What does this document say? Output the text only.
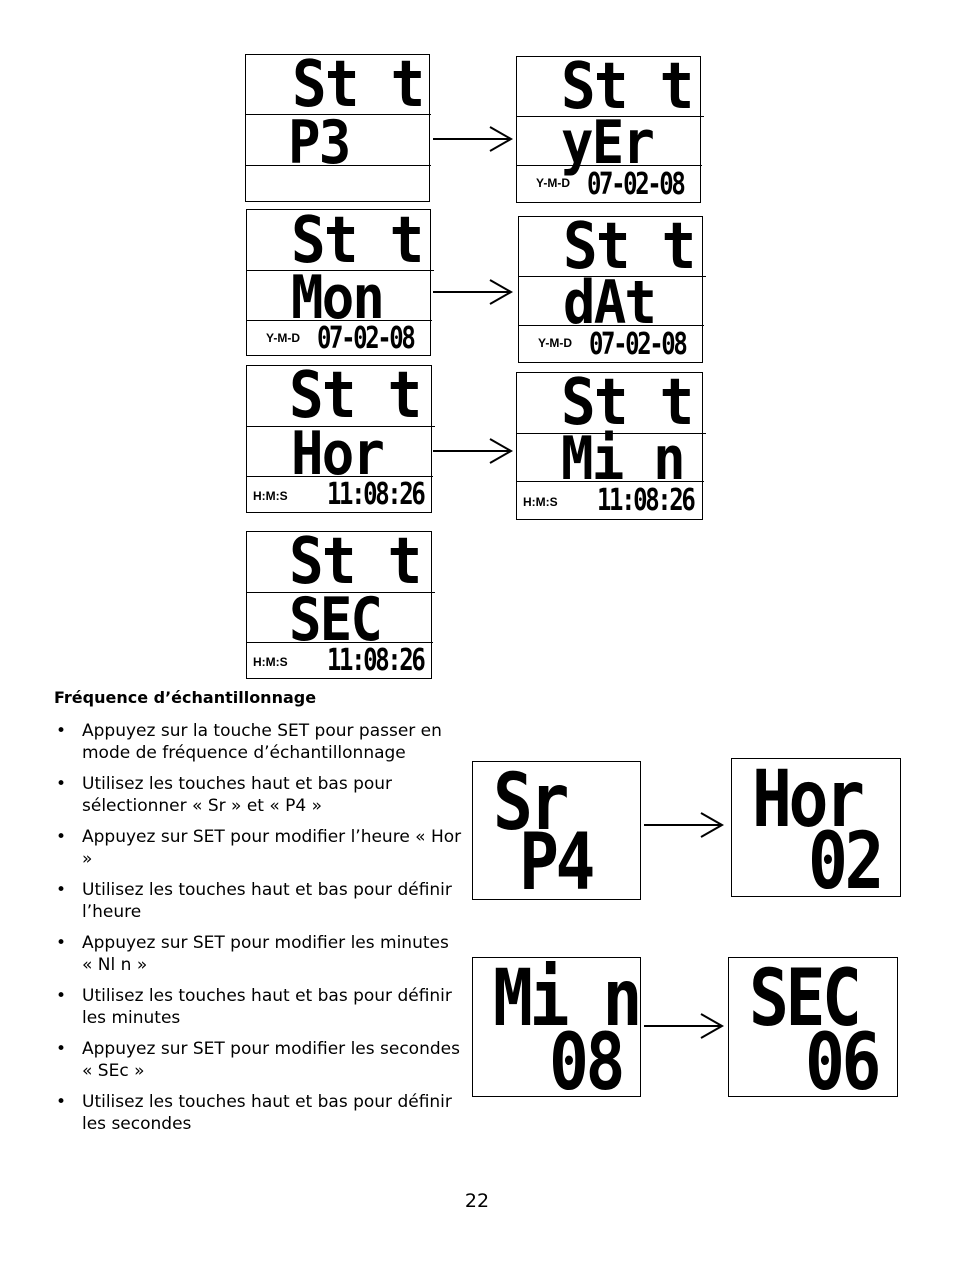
St t
P3
St t
yEr
Y-M-D 07-02-08
St t
Mon
Y-M-D 07-02-08
St t
dAt
Y-M-D 07-02-08
St t
Hor
H:M:S 11:08:26
St t
Mi n
H:M:S 11:08:26
St t
SEC
H:M:S 11:08:26
Fréquence d’échantillonnage
• Appuyez sur la touche SET pour passer en mode de fréquence d’échantillonnage
• Utilisez les touches haut et bas pour sélectionner « Sr » et « P4 »
• Appuyez sur SET pour modifier l’heure « Hor »
• Utilisez les touches haut et bas pour définir l’heure
• Appuyez sur SET pour modifier les minutes « Nl n »
• Utilisez les touches haut et bas pour définir les minutes
• Appuyez sur SET pour modifier les secondes « SEc »
• Utilisez les touches haut et bas pour définir les secondes
Sr
P4
Hor
02
Mi n
08
SEC
06
22
